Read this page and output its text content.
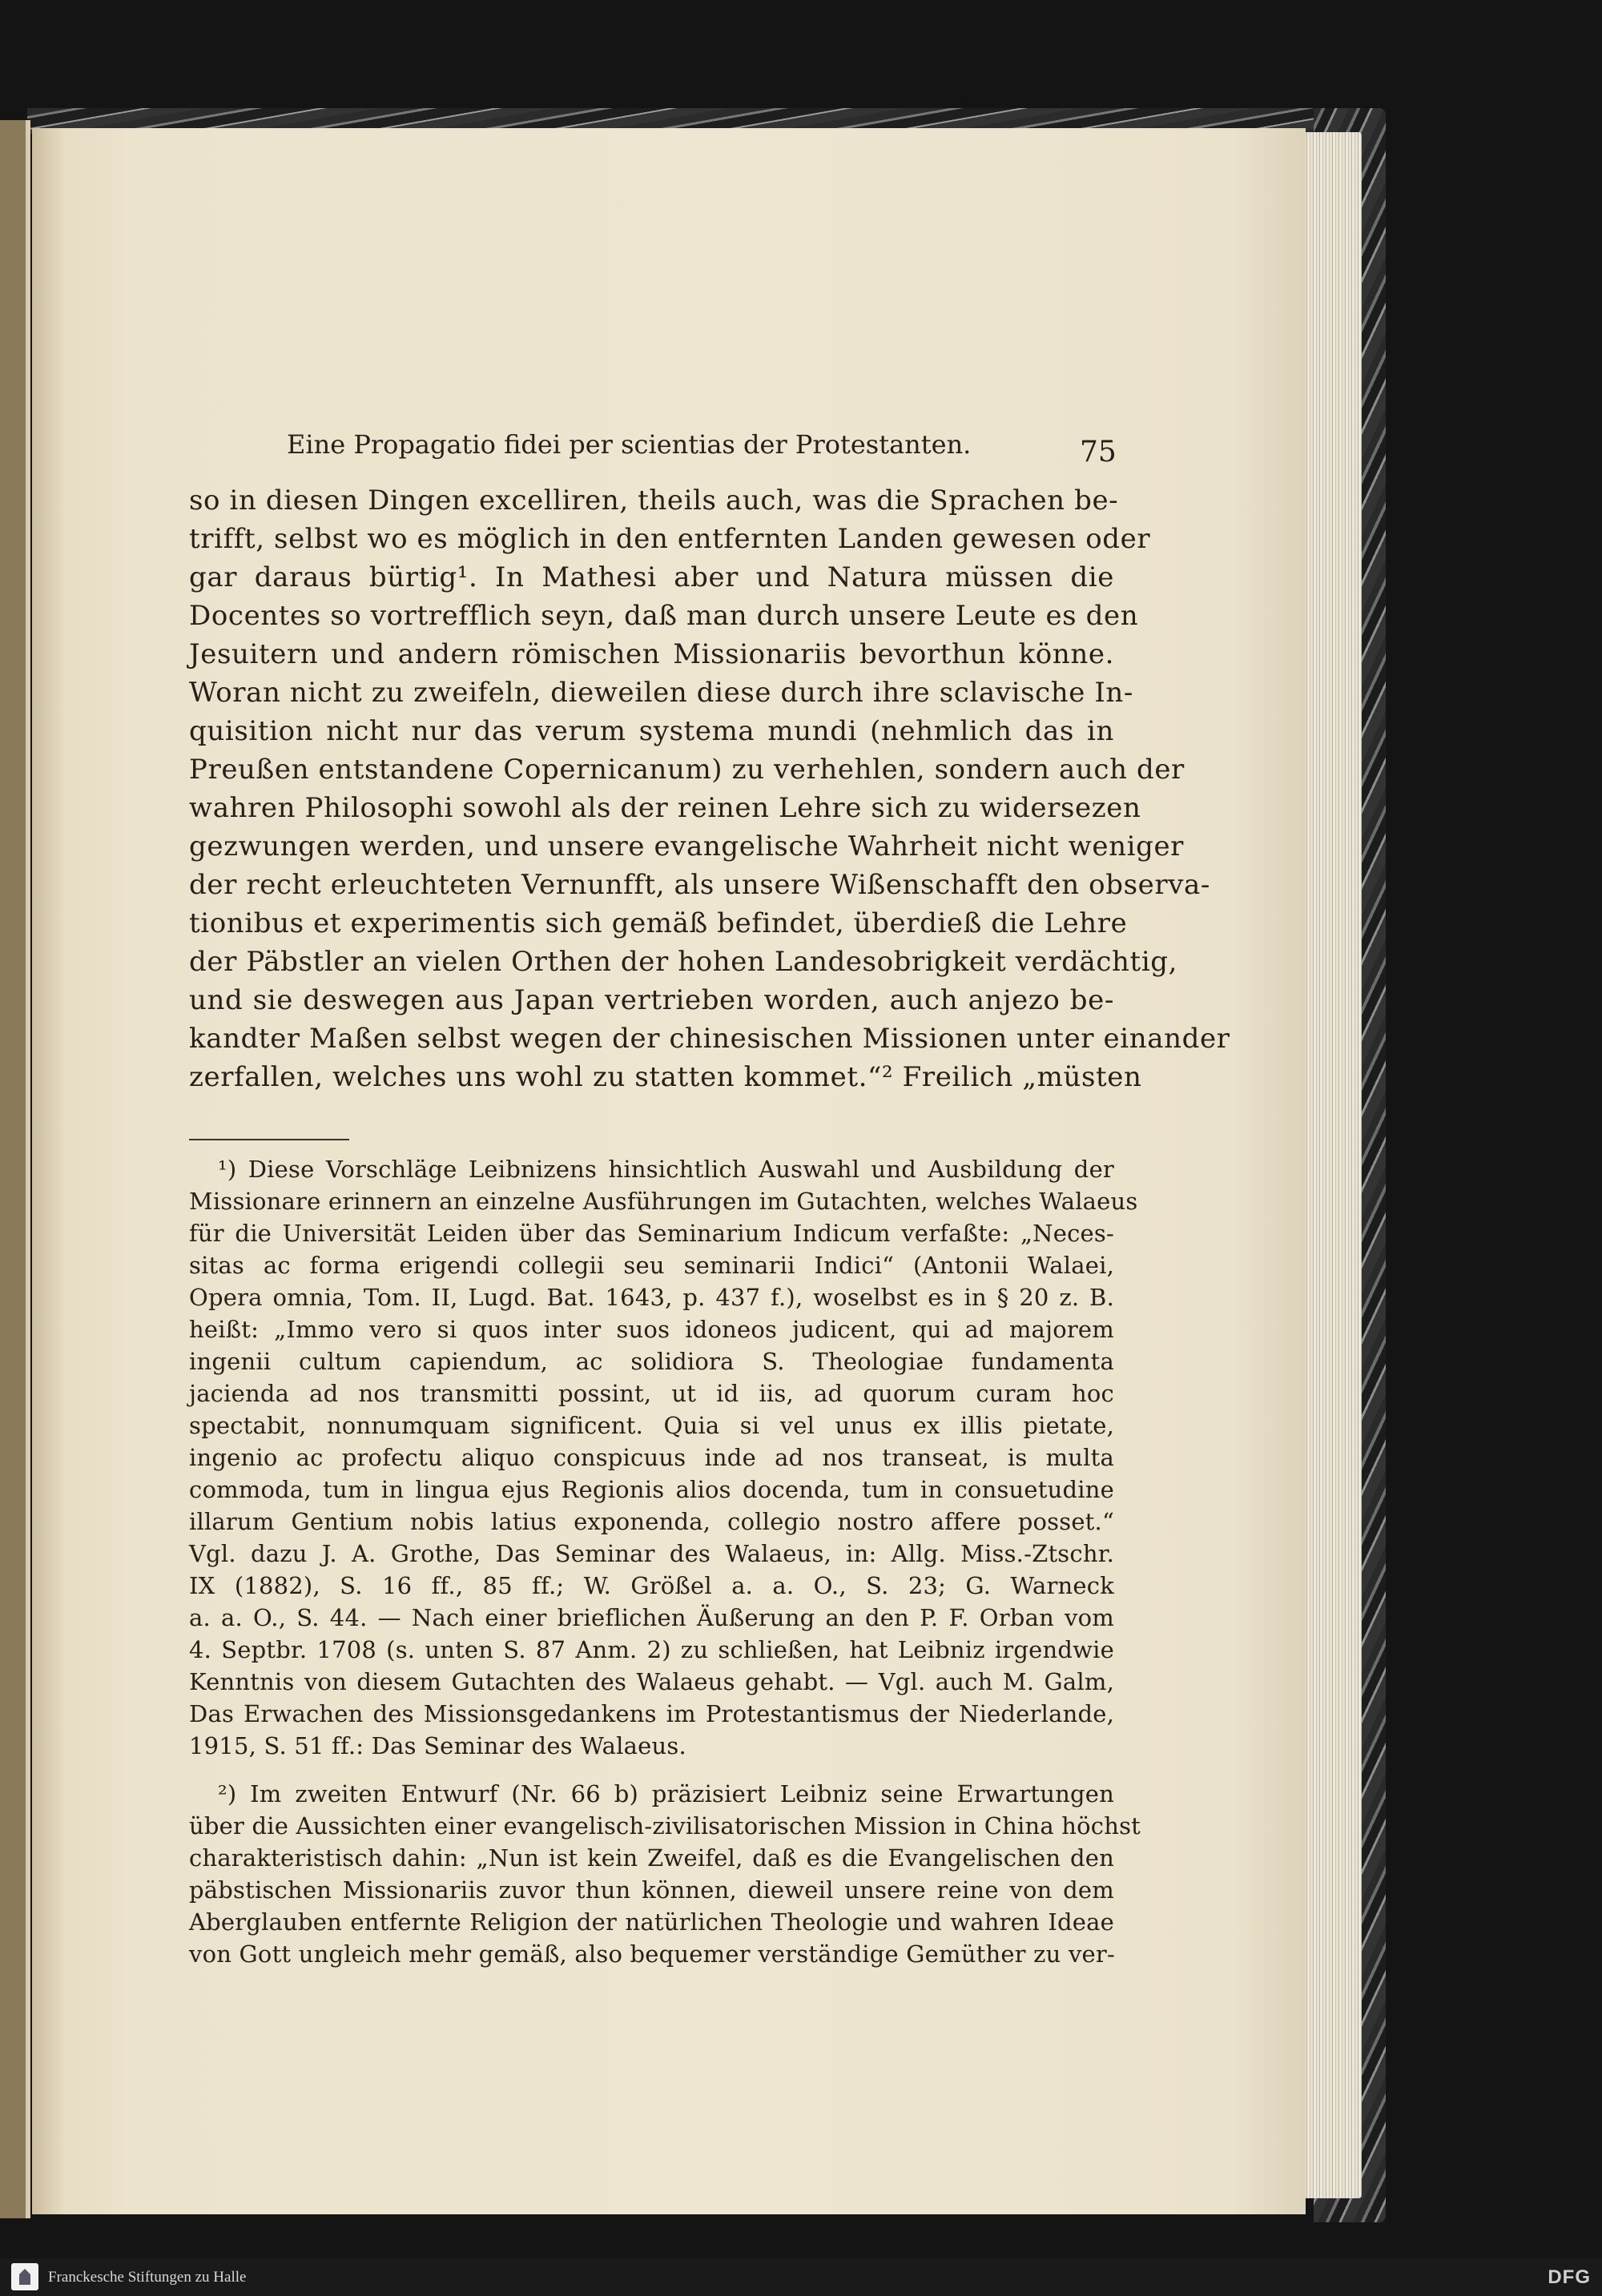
Eine Propagatio fidei per scientias der Protestanten.	75
so in diesen Dingen excelliren, theils auch, was die Sprachen be-
trifft, selbst wo es möglich in den entfernten Landen gewesen oder
gar daraus bürtig¹. In Mathesi aber und Natura müssen die
Docentes so vortrefflich seyn, daß man durch unsere Leute es den
Jesuitern und andern römischen Missionariis bevorthun könne.
Woran nicht zu zweifeln, dieweilen diese durch ihre sclavische In-
quisition nicht nur das verum systema mundi (nehmlich das in
Preußen entstandene Copernicanum) zu verhehlen, sondern auch der
wahren Philosophi sowohl als der reinen Lehre sich zu widersezen
gezwungen werden, und unsere evangelische Wahrheit nicht weniger
der recht erleuchteten Vernunfft, als unsere Wißenschafft den observa-
tionibus et experimentis sich gemäß befindet, überdieß die Lehre
der Päbstler an vielen Orthen der hohen Landesobrigkeit verdächtig,
und sie deswegen aus Japan vertrieben worden, auch anjezo be-
kandter Maßen selbst wegen der chinesischen Missionen unter einander
zerfallen, welches uns wohl zu statten kommet.“² Freilich „müsten
¹) Diese Vorschläge Leibnizens hinsichtlich Auswahl und Ausbildung der
Missionare erinnern an einzelne Ausführungen im Gutachten, welches Walaeus
für die Universität Leiden über das Seminarium Indicum verfaßte: „Neces-
sitas ac forma erigendi collegii seu seminarii Indici“ (Antonii Walaei,
Opera omnia, Tom. II, Lugd. Bat. 1643, p. 437 f.), woselbst es in § 20 z. B.
heißt: „Immo vero si quos inter suos idoneos judicent, qui ad majorem
ingenii cultum capiendum, ac solidiora S. Theologiae fundamenta
jacienda ad nos transmitti possint, ut id iis, ad quorum curam hoc
spectabit, nonnumquam significent. Quia si vel unus ex illis pietate,
ingenio ac profectu aliquo conspicuus inde ad nos transeat, is multa
commoda, tum in lingua ejus Regionis alios docenda, tum in consuetudine
illarum Gentium nobis latius exponenda, collegio nostro affere posset.“
Vgl. dazu J. A. Grothe, Das Seminar des Walaeus, in: Allg. Miss.-Ztschr.
IX (1882), S. 16 ff., 85 ff.; W. Größel a. a. O., S. 23; G. Warneck
a. a. O., S. 44. — Nach einer brieflichen Äußerung an den P. F. Orban vom
4. Septbr. 1708 (s. unten S. 87 Anm. 2) zu schließen, hat Leibniz irgendwie
Kenntnis von diesem Gutachten des Walaeus gehabt. — Vgl. auch M. Galm,
Das Erwachen des Missionsgedankens im Protestantismus der Niederlande,
1915, S. 51 ff.: Das Seminar des Walaeus.
²) Im zweiten Entwurf (Nr. 66 b) präzisiert Leibniz seine Erwartungen
über die Aussichten einer evangelisch-zivilisatorischen Mission in China höchst
charakteristisch dahin: „Nun ist kein Zweifel, daß es die Evangelischen den
päbstischen Missionariis zuvor thun können, dieweil unsere reine von dem
Aberglauben entfernte Religion der natürlichen Theologie und wahren Ideae
von Gott ungleich mehr gemäß, also bequemer verständige Gemüther zu ver-
Franckesche Stiftungen zu Halle	DFG
